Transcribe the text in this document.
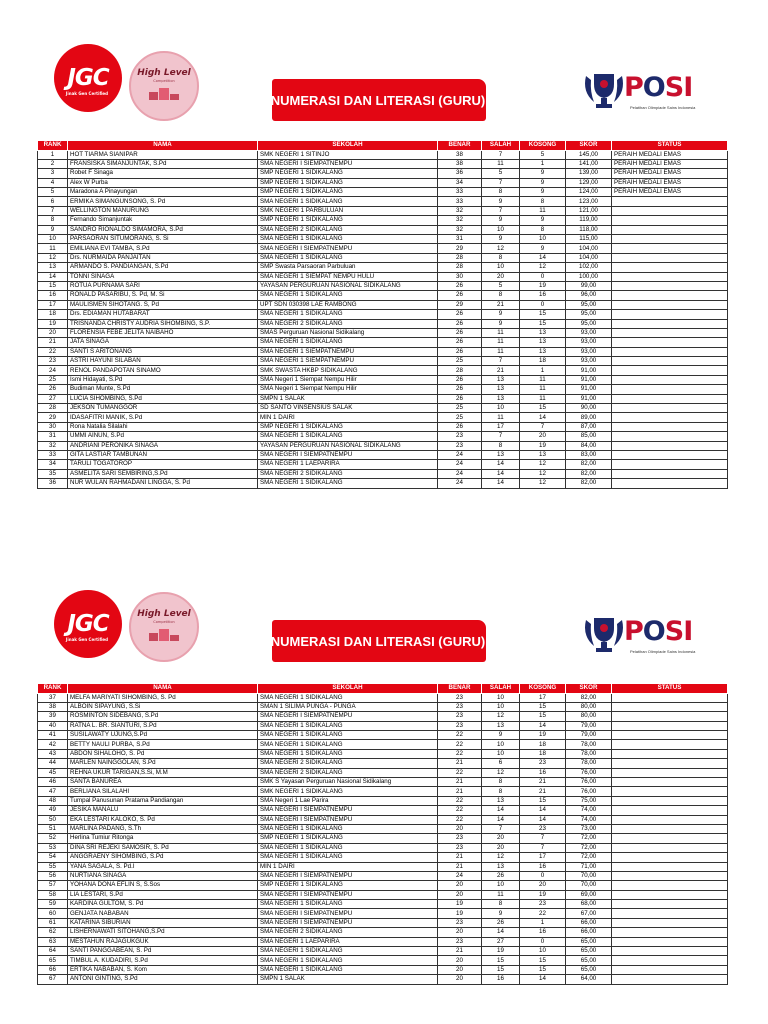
JGC
Jinak Gen Certified
High Level
Competition
NUMERASI DAN LITERASI (GURU)	POSI
Pelatihan Olimpiade Sains Indonesia
RANK	NAMA	SEKOLAH	BENAR	SALAH	KOSONG	SKOR	STATUS
1	HOT TIARMA SIANIPAR	SMK NEGERI 1 SITINJO	38	7	5	145,00	PERAIH MEDALI EMAS
2	FRANSISKA SIMANJUNTAK, S.Pd	SMA NEGERI I SIEMPATNEMPU	38	11	1	141,00	PERAIH MEDALI EMAS
3	Robet F Sinaga	SMP NEGERI 1 SIDIKALANG	36	5	9	139,00	PERAIH MEDALI EMAS
4	Alex W Purba	SMP NEGERI 1 SIDIKALANG	34	7	9	129,00	PERAIH MEDALI EMAS
5	Maradona A Pinayungan	SMP NEGERI 1 SIDIKALANG	33	8	9	124,00	PERAIH MEDALI EMAS
6	ERMIKA SIMANGUNSONG, S. Pd	SMA NEGERI 1 SIDIKALANG	33	9	8	123,00	
7	WELLINGTON MANURUNG	SMK NEGERI 1 PARBULUAN	32	7	11	121,00	
8	Fernando Simanjuntak	SMP NEGERI 1 SIDIKALANG	32	9	9	119,00	
9	SANDRO RIONALDO SIMAMORA, S.Pd	SMA NEGERI 2 SIDIKALANG	32	10	8	118,00	
10	PARSAORAN SITUMORANG, S. Si	SMA NEGERI 1 SIDIKALANG	31	9	10	115,00	
11	EMILIANA EVI TAMBA, S.Pd	SMA NEGERI I SIEMPATNEMPU	29	12	9	104,00	
12	Drs. NURMAIDA PANJAITAN	SMA NEGERI 1 SIDIKALANG	28	8	14	104,00	
13	ARMANDO S. PANDIANGAN, S.Pd	SMP Swasta Parsaoran Parbuluan	28	10	12	102,00	
14	TONNI SINAGA	SMA NEGERI 1 SIEMPAT NEMPU HULU	30	20	0	100,00	
15	ROTUA PURNAMA SARI	YAYASAN PERGURUAN NASIONAL SIDIKALANG	26	5	19	99,00	
16	RONALD PASARIBU, S. Pd, M. Si	SMA NEGERI 1 SIDIKALANG	26	8	16	96,00	
17	MAULISMEN SIHOTANG. S, Pd	UPT SDN 030398 LAE RAMBONG	29	21	0	95,00	
18	Drs. EDIAMAN HUTABARAT	SMA NEGERI 1 SIDIKALANG	26	9	15	95,00	
19	TRISNANDA CHRISTY AUDRIA SIHOMBING, S.P.	SMA NEGERI 2 SIDIKALANG	26	9	15	95,00	
20	FLORENSIA FEBE JELITA NAIBAHO	SMAS Perguruan Nasional Sidikalang	26	11	13	93,00	
21	JATA SINAGA	SMA NEGERI 1 SIDIKALANG	26	11	13	93,00	
22	SANTI S ARITONANG	SMA NEGERI 1 SIEMPATNEMPU	26	11	13	93,00	
23	ASTRI HAYUNI SILABAN	SMA NEGERI 1 SIEMPATNEMPU	25	7	18	93,00	
24	RENOL PANDAPOTAN SINAMO	SMK SWASTA HKBP SIDIKALANG	28	21	1	91,00	
25	Ismi Hidayati, S.Pd	SMA Negeri 1 Siempat Nempu Hilir	26	13	11	91,00	
26	Budiman Munte, S.Pd	SMA Negeri 1 Siempat Nempu Hilir	26	13	11	91,00	
27	LUCIA SIHOMBING, S.Pd	SMPN 1 SALAK	26	13	11	91,00	
28	JEKSON TUMANGGOR	SD SANTO VINSENSIUS SALAK	25	10	15	90,00	
29	IDASAFITRI MANIK, S.Pd	MIN 1 DAIRI	25	11	14	89,00	
30	Rona Natalia Silalahi	SMP NEGERI 1 SIDIKALANG	26	17	7	87,00	
31	UMMI AINUN, S.Pd	SMA NEGERI 1 SIDIKALANG	23	7	20	85,00	
32	ANDRIANI PERONIKA SINAGA	YAYASAN PERGURUAN NASIONAL SIDIKALANG	23	8	19	84,00	
33	GITA LASTIAR TAMBUNAN	SMA NEGERI I SIEMPATNEMPU	24	13	13	83,00	
34	TARULI TOGATOROP	SMA NEGERI 1 LAEPARIRA	24	14	12	82,00	
35	ASMELITA SARI SEMBIRING,S.Pd	SMA NEGERI 2 SIDIKALANG	24	14	12	82,00	
36	NUR WULAN RAHMADANI LINGGA, S. Pd	SMA NEGERI 1 SIDIKALANG	24	14	12	82,00	
JGC
Jinak Gen Certified
High Level
Competition
NUMERASI DAN LITERASI (GURU)	POSI
Pelatihan Olimpiade Sains Indonesia
RANK	NAMA	SEKOLAH	BENAR	SALAH	KOSONG	SKOR	STATUS
37	MELFA MARIYATI SIHOMBING, S. Pd	SMA NEGERI 1 SIDIKALANG	23	10	17	82,00	
38	ALBOIN SIPAYUNG, S.Si	SMAN 1 SILIMA PUNGA - PUNGA	23	10	15	80,00	
39	ROSMINTON SIDEBANG, S.Pd	SMA NEGERI I SIEMPATNEMPU	23	12	15	80,00	
40	RATNA L. BR. SIANTURI, S.Pd	SMA NEGERI 1 SIDIKALANG	23	13	14	79,00	
41	SUSILAWATY UJUNG,S.Pd	SMA NEGERI 1 SIDIKALANG	22	9	19	79,00	
42	BETTY NAULI PURBA, S.Pd	SMA NEGERI 1 SIDIKALANG	22	10	18	78,00	
43	ABDON SIHALOHO, S. Pd	SMA NEGERI 1 SIDIKALANG	22	10	18	78,00	
44	MARLEN NAINGGOLAN, S.Pd	SMA NEGERI 2 SIDIKALANG	21	6	23	78,00	
45	REHNA UKUR TARIGAN,S.Si, M.M	SMA NEGERI 2 SIDIKALANG	22	12	16	76,00	
46	SANTA BANUREA	SMK S Yayasan Perguruan Nasional Sidikalang	21	8	21	76,00	
47	BERLIANA SILALAHI	SMK NEGERI 1 SIDIKALANG	21	8	21	76,00	
48	Tumpal Panusunan Pratama Pandiangan	SMA Negeri 1 Lae Parira	22	13	15	75,00	
49	JESIKA MANALU	SMA NEGERI I SIEMPATNEMPU	22	14	14	74,00	
50	EKA LESTARI KALOKO, S. Pd	SMA NEGERI I SIEMPATNEMPU	22	14	14	74,00	
51	MARLINA PADANG, S.Th	SMA NEGERI 1 SIDIKALANG	20	7	23	73,00	
52	Herlina Tumiur Ritonga	SMP NEGERI 1 SIDIKALANG	23	20	7	72,00	
53	DINA SRI REJEKI SAMOSIR, S. Pd	SMA NEGERI 1 SIDIKALANG	23	20	7	72,00	
54	ANGGRAENY SIHOMBING, S.Pd	SMA NEGERI 1 SIDIKALANG	21	12	17	72,00	
55	YANA SAGALA, S. Pd.I	MIN 1 DAIRI	21	13	16	71,00	
56	NURTIANA SINAGA	SMA NEGERI I SIEMPATNEMPU	24	26	0	70,00	
57	YOHANA DONA EFLIN S, S.Sos	SMP NEGERI 1 SIDIKALANG	20	10	20	70,00	
58	LIA LESTARI, S.Pd	SMA NEGERI I SIEMPATNEMPU	20	11	19	69,00	
59	KARDINA GULTOM, S. Pd	SMA NEGERI 1 SIDIKALANG	19	8	23	68,00	
60	GENJATA NABABAN	SMA NEGERI I SIEMPATNEMPU	19	9	22	67,00	
61	KATARINA SIBURIAN	SMA NEGERI I SIEMPATNEMPU	23	26	1	66,00	
62	LISHERNAWATI SITOHANG,S.Pd	SMA NEGERI 2 SIDIKALANG	20	14	16	66,00	
63	MESTAHUN RAJAGUKGUK	SMA NEGERI 1 LAEPARIRA	23	27	0	65,00	
64	SANTI PANGGABEAN, S. Pd	SMA NEGERI 1 SIDIKALANG	21	19	10	65,00	
65	TIMBUL A. KUDADIRI, S.Pd	SMA NEGERI 1 SIDIKALANG	20	15	15	65,00	
66	ERTIKA NABABAN, S. Kom	SMA NEGERI 1 SIDIKALANG	20	15	15	65,00	
67	ANTONI GINTING, S.Pd	SMPN 1 SALAK	20	16	14	64,00	
